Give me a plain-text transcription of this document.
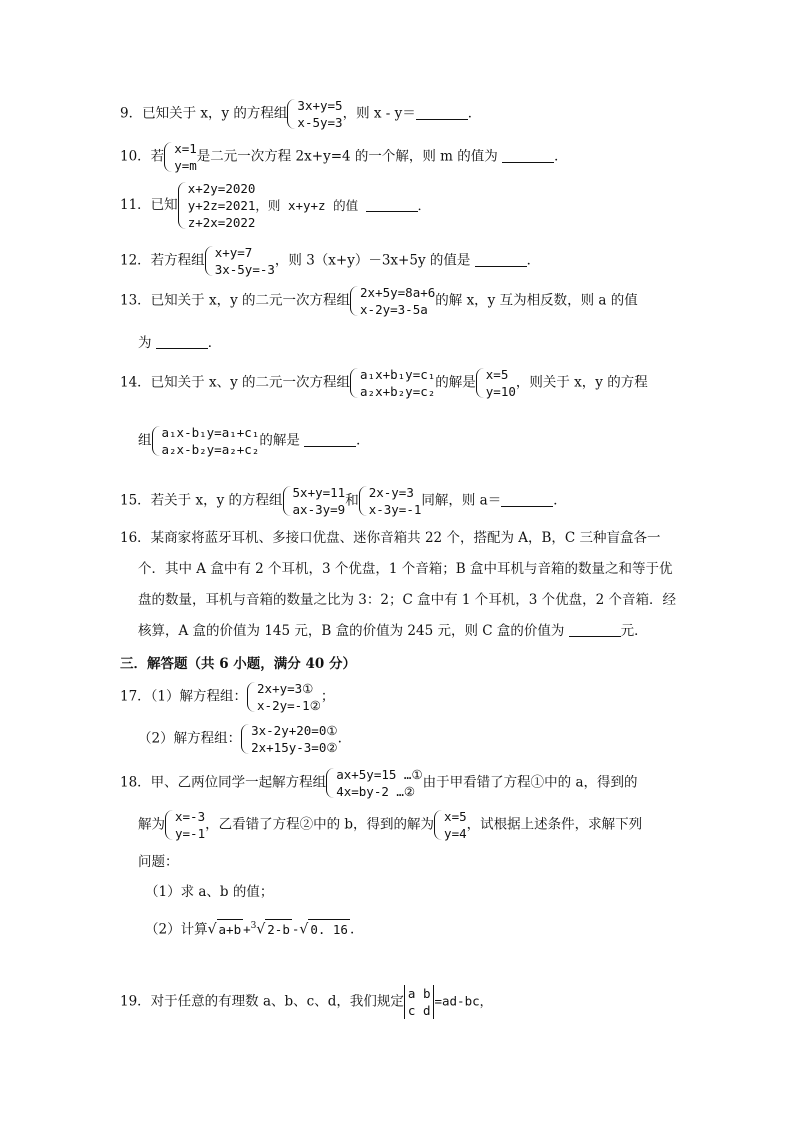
9．已知关于 x，y 的方程组 3x+y=5
x-5y=3
，则 x - y＝	．
10．若 x=1
y=m
是二元一次方程 2x+y=4 的一个解，则 m 的值为	．
11．已知
x+2y=2020
y+2z=2021，则 x+y+z 的值	．
z+2x=2022
12．若方程组 x+y=7
3x-5y=-3
，则 3（x+y）－3x+5y 的值是	．
13．已知关于 x，y 的二元一次方程组 2x+5y=8a+6
x-2y=3-5a
的解 x，y 互为相反数，则 a 的值
为	．
14．已知关于 x、y 的二元一次方程组 a₁x+b₁y=c₁
a₂x+b₂y=c₂
的解是 x=5
y=10
，则关于 x，y 的方程
组 a₁x-b₁y=a₁+c₁
a₂x-b₂y=a₂+c₂
的解是	．
15．若关于 x，y 的方程组 5x+y=11
ax-3y=9
和 2x-y=3
x-3y=-1
同解，则 a＝	．
16．某商家将蓝牙耳机、多接口优盘、迷你音箱共 22 个，搭配为 A，B，C 三种盲盒各一
个．其中 A 盒中有 2 个耳机，3 个优盘，1 个音箱；B 盒中耳机与音箱的数量之和等于优
盘的数量，耳机与音箱的数量之比为 3：2；C 盒中有 1 个耳机，3 个优盘，2 个音箱．经
核算，A 盒的价值为 145 元，B 盒的价值为 245 元，则 C 盒的价值为	元．
三．解答题（共 6 小题，满分 40 分）
17．（1）解方程组： 2x+y=3①
x-2y=-1②
；
（2）解方程组： 3x-2y+20=0①
2x+15y-3=0②
.
18．甲、乙两位同学一起解方程组 ax+5y=15 …①
4x=by-2 …②
由于甲看错了方程①中的 a，得到的
解为 x=-3
y=-1
，乙看错了方程②中的 b，得到的解为 x=5
y=4
，试根据上述条件，求解下列
问题：
（1）求 a、b 的值；
（2）计算√ a+b +$^3$√ 2-b -√ 0. 16 .
19．对于任意的有理数 a、b、c、d，我们规定 a b
c d
=ad-bc，
